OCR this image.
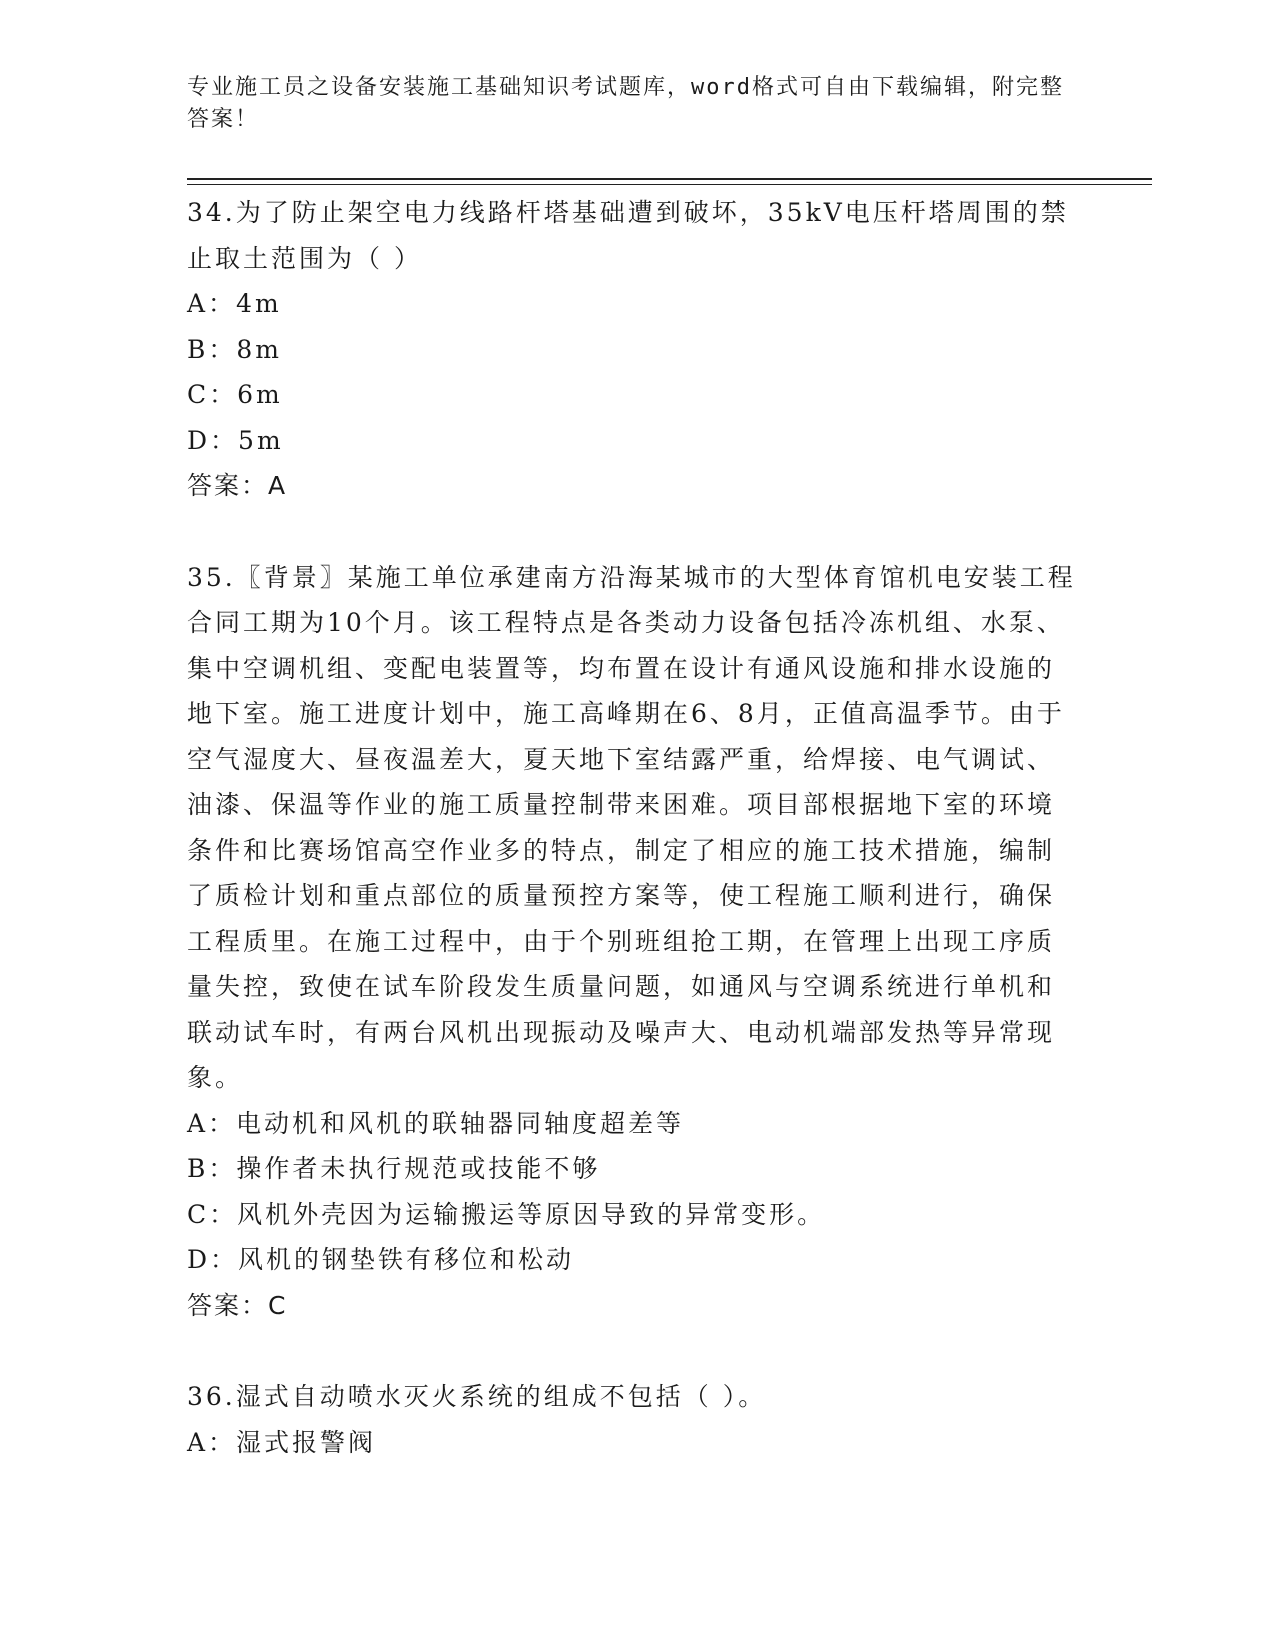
专业施工员之设备安装施工基础知识考试题库，word格式可自由下载编辑，附完整答案！

34.为了防止架空电力线路杆塔基础遭到破坏，35kV电压杆塔周围的禁止取土范围为（ ）

A：4m

B：8m

C：6m

D：5m

答案：A

35.〖背景〗某施工单位承建南方沿海某城市的大型体育馆机电安装工程合同工期为10个月。该工程特点是各类动力设备包括冷冻机组、水泵、集中空调机组、变配电装置等，均布置在设计有通风设施和排水设施的地下室。施工进度计划中，施工高峰期在6、8月，正值高温季节。由于空气湿度大、昼夜温差大，夏天地下室结露严重，给焊接、电气调试、油漆、保温等作业的施工质量控制带来困难。项目部根据地下室的环境条件和比赛场馆高空作业多的特点，制定了相应的施工技术措施，编制了质检计划和重点部位的质量预控方案等，使工程施工顺利进行，确保工程质里。在施工过程中，由于个别班组抢工期，在管理上出现工序质量失控，致使在试车阶段发生质量问题，如通风与空调系统进行单机和联动试车时，有两台风机出现振动及噪声大、电动机端部发热等异常现象。

A：电动机和风机的联轴器同轴度超差等

B：操作者未执行规范或技能不够

C：风机外壳因为运输搬运等原因导致的异常变形。

D：风机的钢垫铁有移位和松动

答案：C

36.湿式自动喷水灭火系统的组成不包括（ ）。

A：湿式报警阀
